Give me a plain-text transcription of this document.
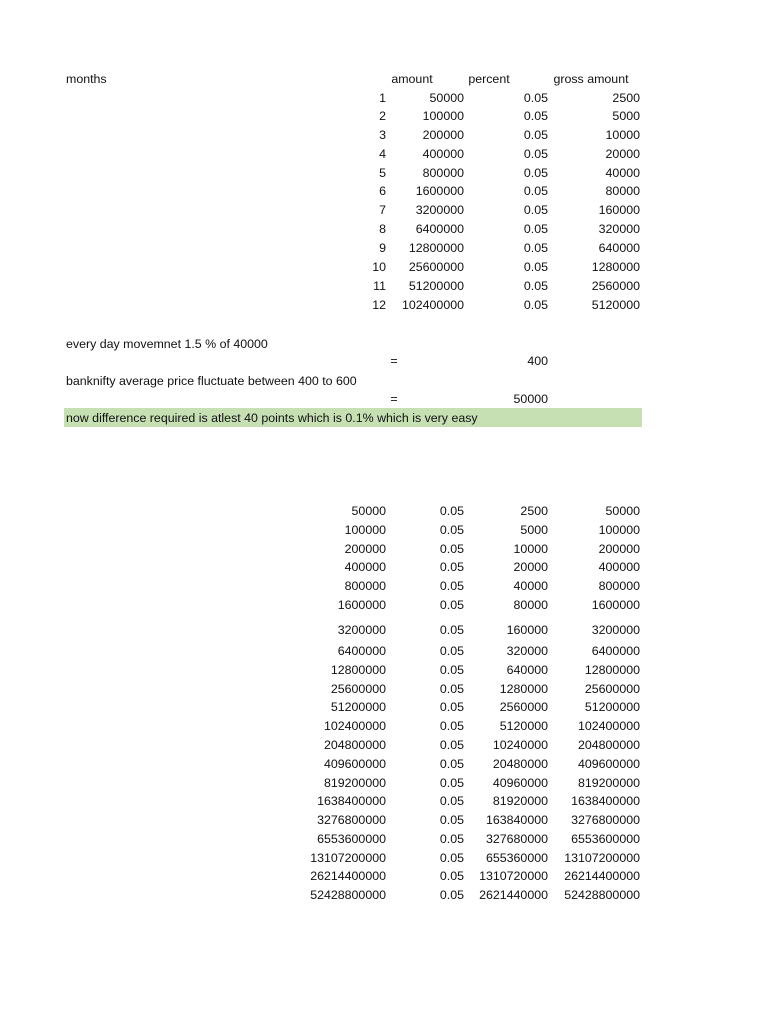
months	amount	percent	gross amount
1	50000	0.05	2500
2	100000	0.05	5000
3	200000	0.05	10000
4	400000	0.05	20000
5	800000	0.05	40000
6	1600000	0.05	80000
7	3200000	0.05	160000
8	6400000	0.05	320000
9	12800000	0.05	640000
10	25600000	0.05	1280000
11	51200000	0.05	2560000
12	102400000	0.05	5120000
every day movemnet 1.5 % of 40000
=	400
banknifty average price fluctuate between 400 to 600
=	50000
now difference required is atlest 40 points which is 0.1% which is very easy
50000	0.05	2500	50000
100000	0.05	5000	100000
200000	0.05	10000	200000
400000	0.05	20000	400000
800000	0.05	40000	800000
1600000	0.05	80000	1600000
3200000	0.05	160000	3200000
6400000	0.05	320000	6400000
12800000	0.05	640000	12800000
25600000	0.05	1280000	25600000
51200000	0.05	2560000	51200000
102400000	0.05	5120000	102400000
204800000	0.05	10240000	204800000
409600000	0.05	20480000	409600000
819200000	0.05	40960000	819200000
1638400000	0.05	81920000	1638400000
3276800000	0.05	163840000	3276800000
6553600000	0.05	327680000	6553600000
13107200000	0.05	655360000	13107200000
26214400000	0.05	1310720000	26214400000
52428800000	0.05	2621440000	52428800000
